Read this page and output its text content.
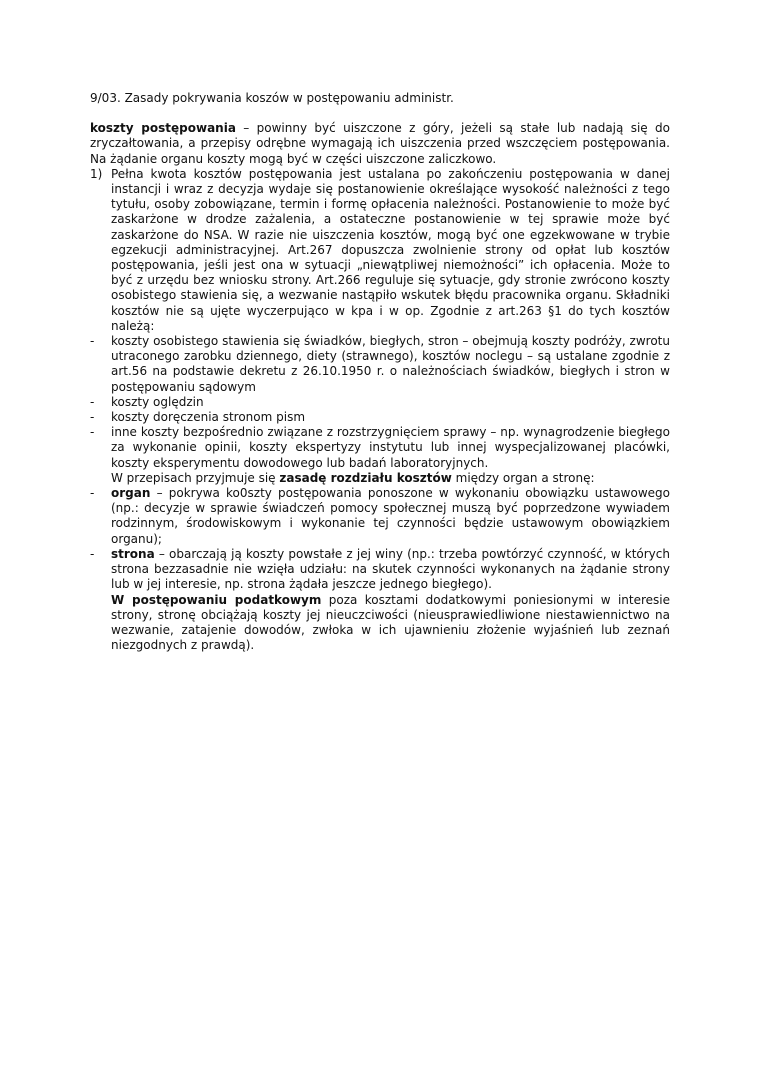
9/03. Zasady pokrywania koszów w postępowaniu administr.

koszty postępowania – powinny być uiszczone z góry, jeżeli są stałe lub nadają się do zryczałtowania, a przepisy odrębne wymagają ich uiszczenia przed wszczęciem postępowania. Na żądanie organu koszty mogą być w części uiszczone zaliczkowo.

1) Pełna kwota kosztów postępowania jest ustalana po zakończeniu postępowania w danej instancji i wraz z decyzja wydaje się postanowienie określające wysokość należności z tego tytułu, osoby zobowiązane, termin i formę opłacenia należności. Postanowienie to może być zaskarżone w drodze zażalenia, a ostateczne postanowienie w tej sprawie może być zaskarżone do NSA. W razie nie uiszczenia kosztów, mogą być one egzekwowane w trybie egzekucji administracyjnej. Art.267 dopuszcza zwolnienie strony od opłat lub kosztów postępowania, jeśli jest ona w sytuacji „niewątpliwej niemożności” ich opłacenia. Może to być z urzędu bez wniosku strony. Art.266 reguluje się sytuacje, gdy stronie zwrócono koszty osobistego stawienia się, a wezwanie nastąpiło wskutek błędu pracownika organu. Składniki kosztów nie są ujęte wyczerpująco w kpa i w op. Zgodnie z art.263 §1 do tych kosztów należą:
-	koszty osobistego stawienia się świadków, biegłych, stron – obejmują koszty podróży, zwrotu utraconego zarobku dziennego, diety (strawnego), kosztów noclegu – są ustalane zgodnie z art.56 na podstawie dekretu z 26.10.1950 r. o należnościach świadków, biegłych i stron w postępowaniu sądowym
-	koszty oględzin
-	koszty doręczenia stronom pism
-	inne koszty bezpośrednio związane z rozstrzygnięciem sprawy – np. wynagrodzenie biegłego za wykonanie opinii, koszty ekspertyzy instytutu lub innej wyspecjalizowanej placówki, koszty eksperymentu dowodowego lub badań laboratoryjnych.

W przepisach przyjmuje się zasadę rozdziału kosztów między organ a stronę:

-	organ – pokrywa ko0szty postępowania ponoszone w wykonaniu obowiązku ustawowego (np.: decyzje w sprawie świadczeń pomocy społecznej muszą być poprzedzone wywiadem rodzinnym, środowiskowym i wykonanie tej czynności będzie ustawowym obowiązkiem organu);
-	strona – obarczają ją koszty powstałe z jej winy (np.: trzeba powtórzyć czynność, w których strona bezzasadnie nie wzięła udziału: na skutek czynności wykonanych na żądanie strony lub w jej interesie, np. strona żądała jeszcze jednego biegłego).

W postępowaniu podatkowym poza kosztami dodatkowymi poniesionymi w interesie strony, stronę obciążają koszty jej nieuczciwości (nieusprawiedliwione niestawiennictwo na wezwanie, zatajenie dowodów, zwłoka w ich ujawnieniu złożenie wyjaśnień lub zeznań niezgodnych z prawdą).
